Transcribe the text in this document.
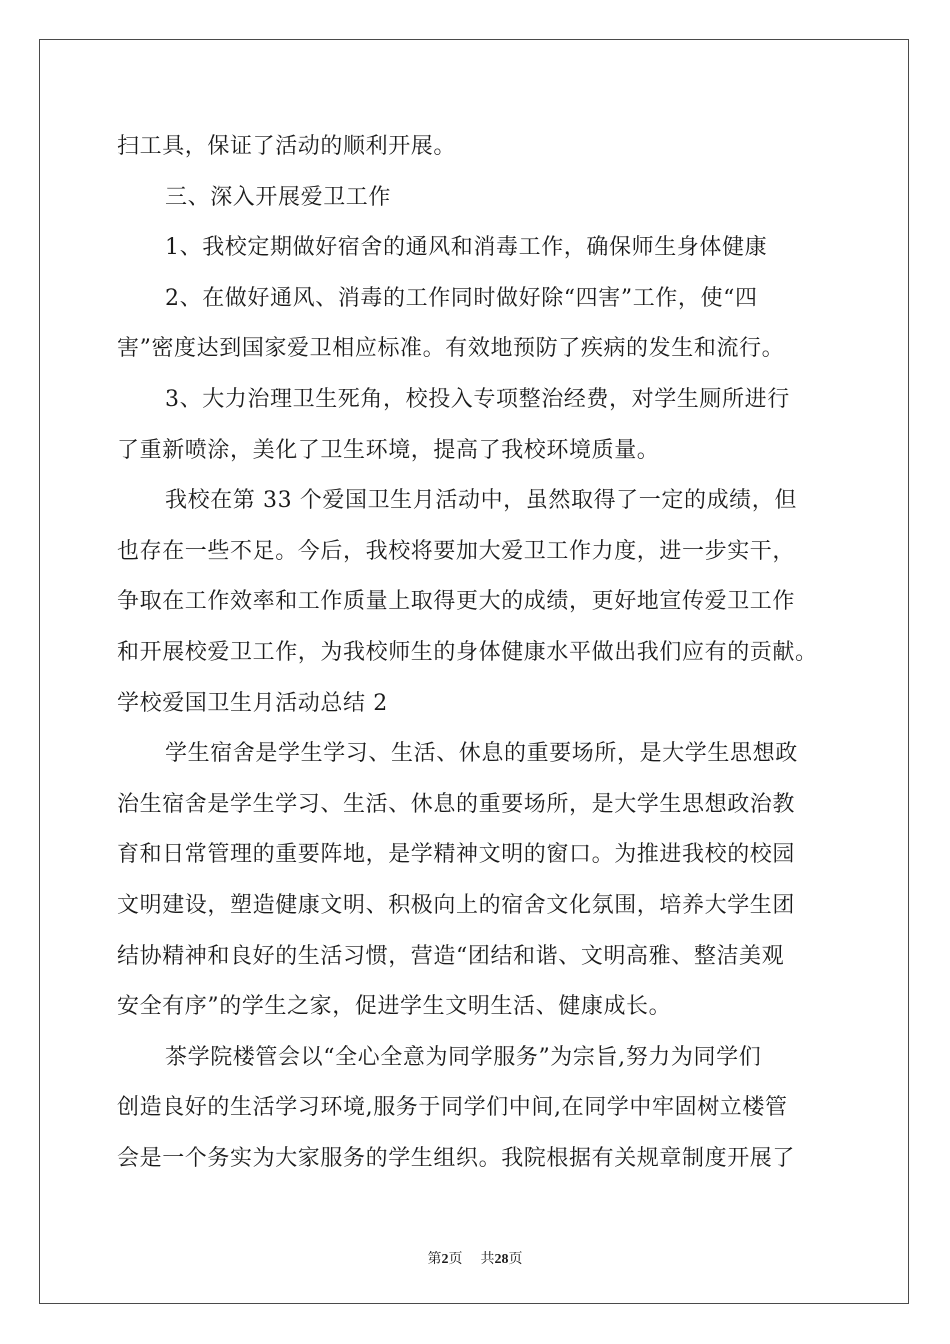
扫工具，保证了活动的顺利开展。
三、深入开展爱卫工作
1、我校定期做好宿舍的通风和消毒工作，确保师生身体健康
2、在做好通风、消毒的工作同时做好除“四害”工作，使“四
害”密度达到国家爱卫相应标准。有效地预防了疾病的发生和流行。
3、大力治理卫生死角，校投入专项整治经费，对学生厕所进行
了重新喷涂，美化了卫生环境，提高了我校环境质量。
我校在第 33 个爱国卫生月活动中，虽然取得了一定的成绩，但
也存在一些不足。今后，我校将要加大爱卫工作力度，进一步实干，
争取在工作效率和工作质量上取得更大的成绩，更好地宣传爱卫工作
和开展校爱卫工作，为我校师生的身体健康水平做出我们应有的贡献。
学校爱国卫生月活动总结 2
学生宿舍是学生学习、生活、休息的重要场所，是大学生思想政
治生宿舍是学生学习、生活、休息的重要场所，是大学生思想政治教
育和日常管理的重要阵地，是学精神文明的窗口。为推进我校的校园
文明建设，塑造健康文明、积极向上的宿舍文化氛围，培养大学生团
结协精神和良好的生活习惯，营造“团结和谐、文明高雅、整洁美观
安全有序”的学生之家，促进学生文明生活、健康成长。
茶学院楼管会以“全心全意为同学服务”为宗旨,努力为同学们
创造良好的生活学习环境,服务于同学们中间,在同学中牢固树立楼管
会是一个务实为大家服务的学生组织。我院根据有关规章制度开展了
第2页 共28页
